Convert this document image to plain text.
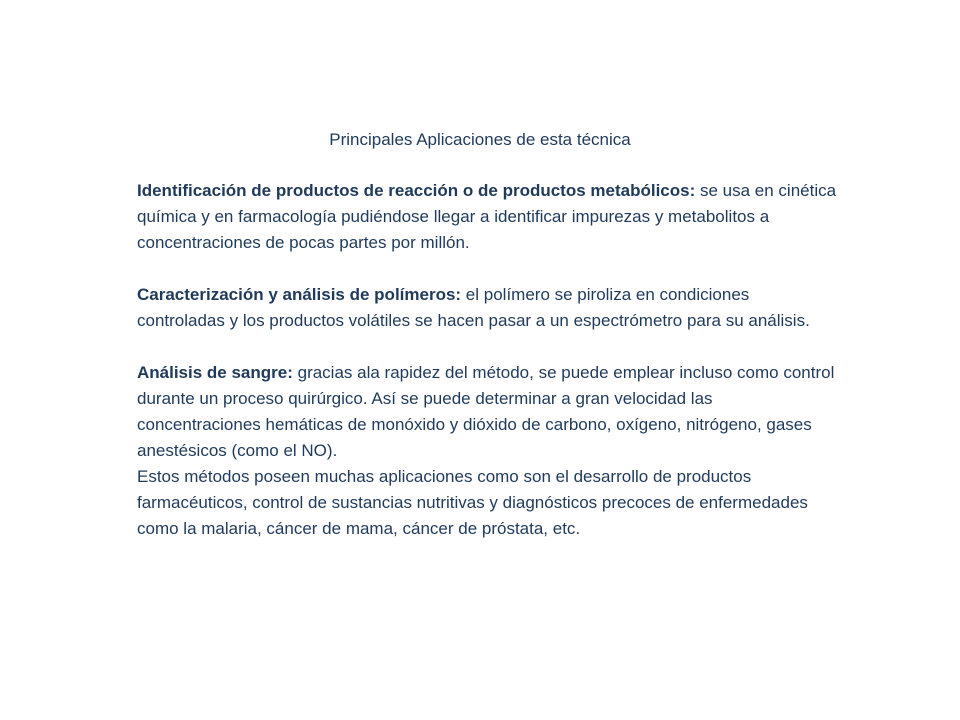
Principales Aplicaciones de esta técnica

Identificación de productos de reacción o de productos metabólicos: se usa en cinética química y en farmacología pudiéndose llegar a identificar impurezas y metabolitos a concentraciones de pocas partes por millón.

Caracterización y análisis de polímeros: el polímero se piroliza en condiciones controladas y los productos volátiles se hacen pasar a un espectrómetro para su análisis.

Análisis de sangre: gracias ala rapidez del método, se puede emplear incluso como control durante un proceso quirúrgico. Así se puede determinar a gran velocidad las concentraciones hemáticas de monóxido y dióxido de carbono, oxígeno, nitrógeno, gases anestésicos (como el NO).

Estos métodos poseen muchas aplicaciones como son el desarrollo de productos farmacéuticos, control de sustancias nutritivas y diagnósticos precoces de enfermedades como la malaria, cáncer de mama, cáncer de próstata, etc.
